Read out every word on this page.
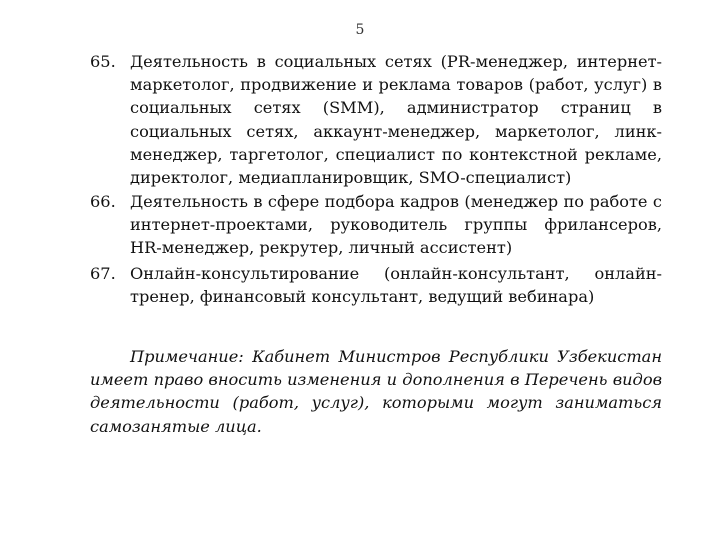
5
65. Деятельность в социальных сетях (PR-менеджер, интернет-маркетолог, продвижение и реклама товаров (работ, услуг) в социальных сетях (SMM), администратор страниц в социальных сетях, аккаунт-менеджер, маркетолог, линк-менеджер, таргетолог, специалист по контекстной рекламе, директолог, медиапланировщик, SMO-специалист)
66. Деятельность в сфере подбора кадров (менеджер по работе с интернет-проектами, руководитель группы фрилансеров, HR-менеджер, рекрутер, личный ассистент)
67. Онлайн-консультирование (онлайн-консультант, онлайн-тренер, финансовый консультант, ведущий вебинара)
Примечание: Кабинет Министров Республики Узбекистан имеет право вносить изменения и дополнения в Перечень видов деятельности (работ, услуг), которыми могут заниматься самозанятые лица.
